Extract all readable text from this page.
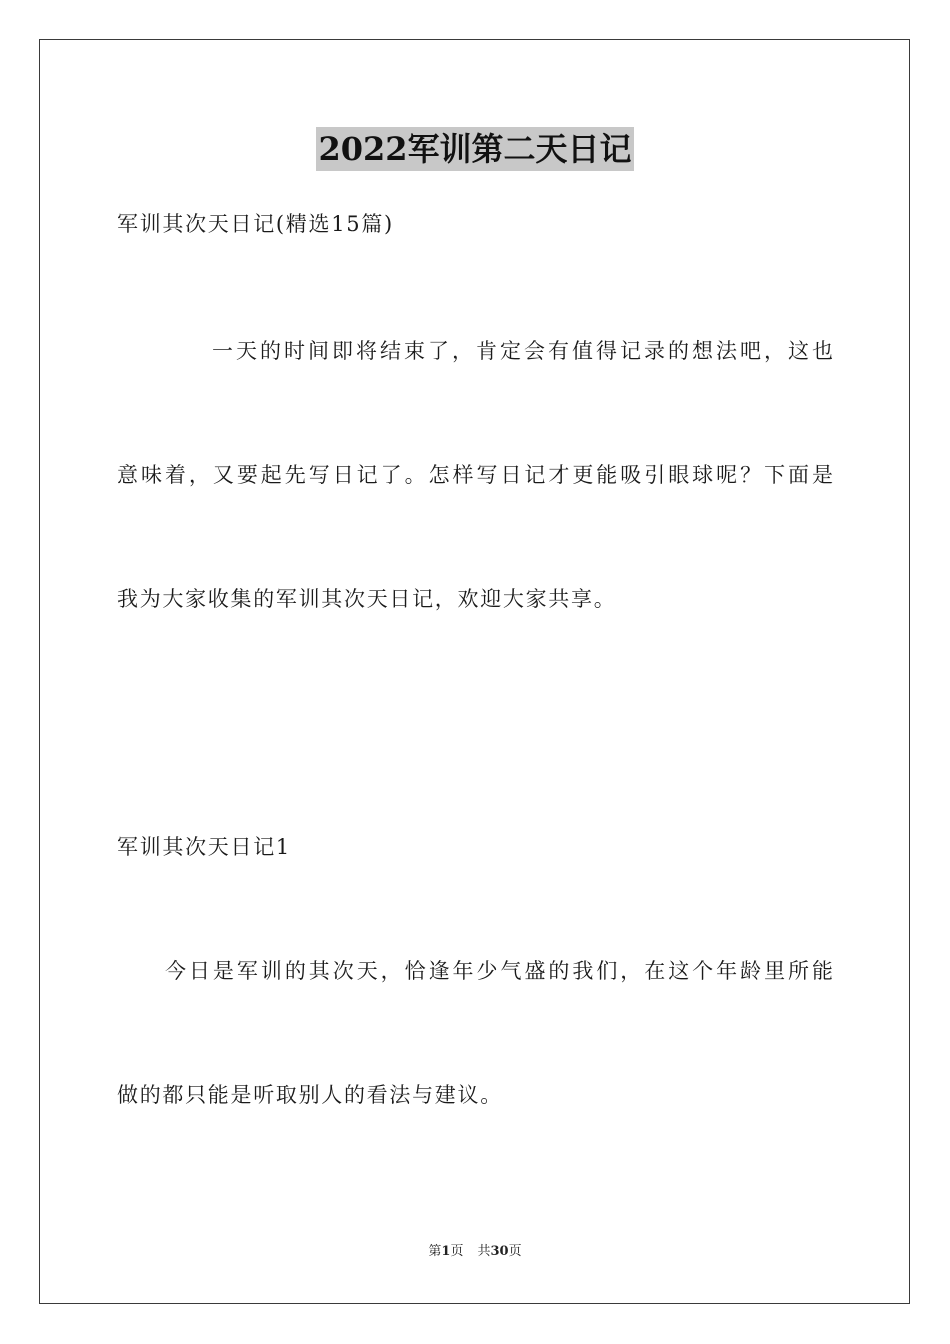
2022军训第二天日记
军训其次天日记(精选15篇)
一天的时间即将结束了，肯定会有值得记录的想法吧，这也
意味着，又要起先写日记了。怎样写日记才更能吸引眼球呢？下面是
我为大家收集的军训其次天日记，欢迎大家共享。
军训其次天日记1
今日是军训的其次天，恰逢年少气盛的我们，在这个年龄里所能
做的都只能是听取别人的看法与建议。
第1页 共30页
